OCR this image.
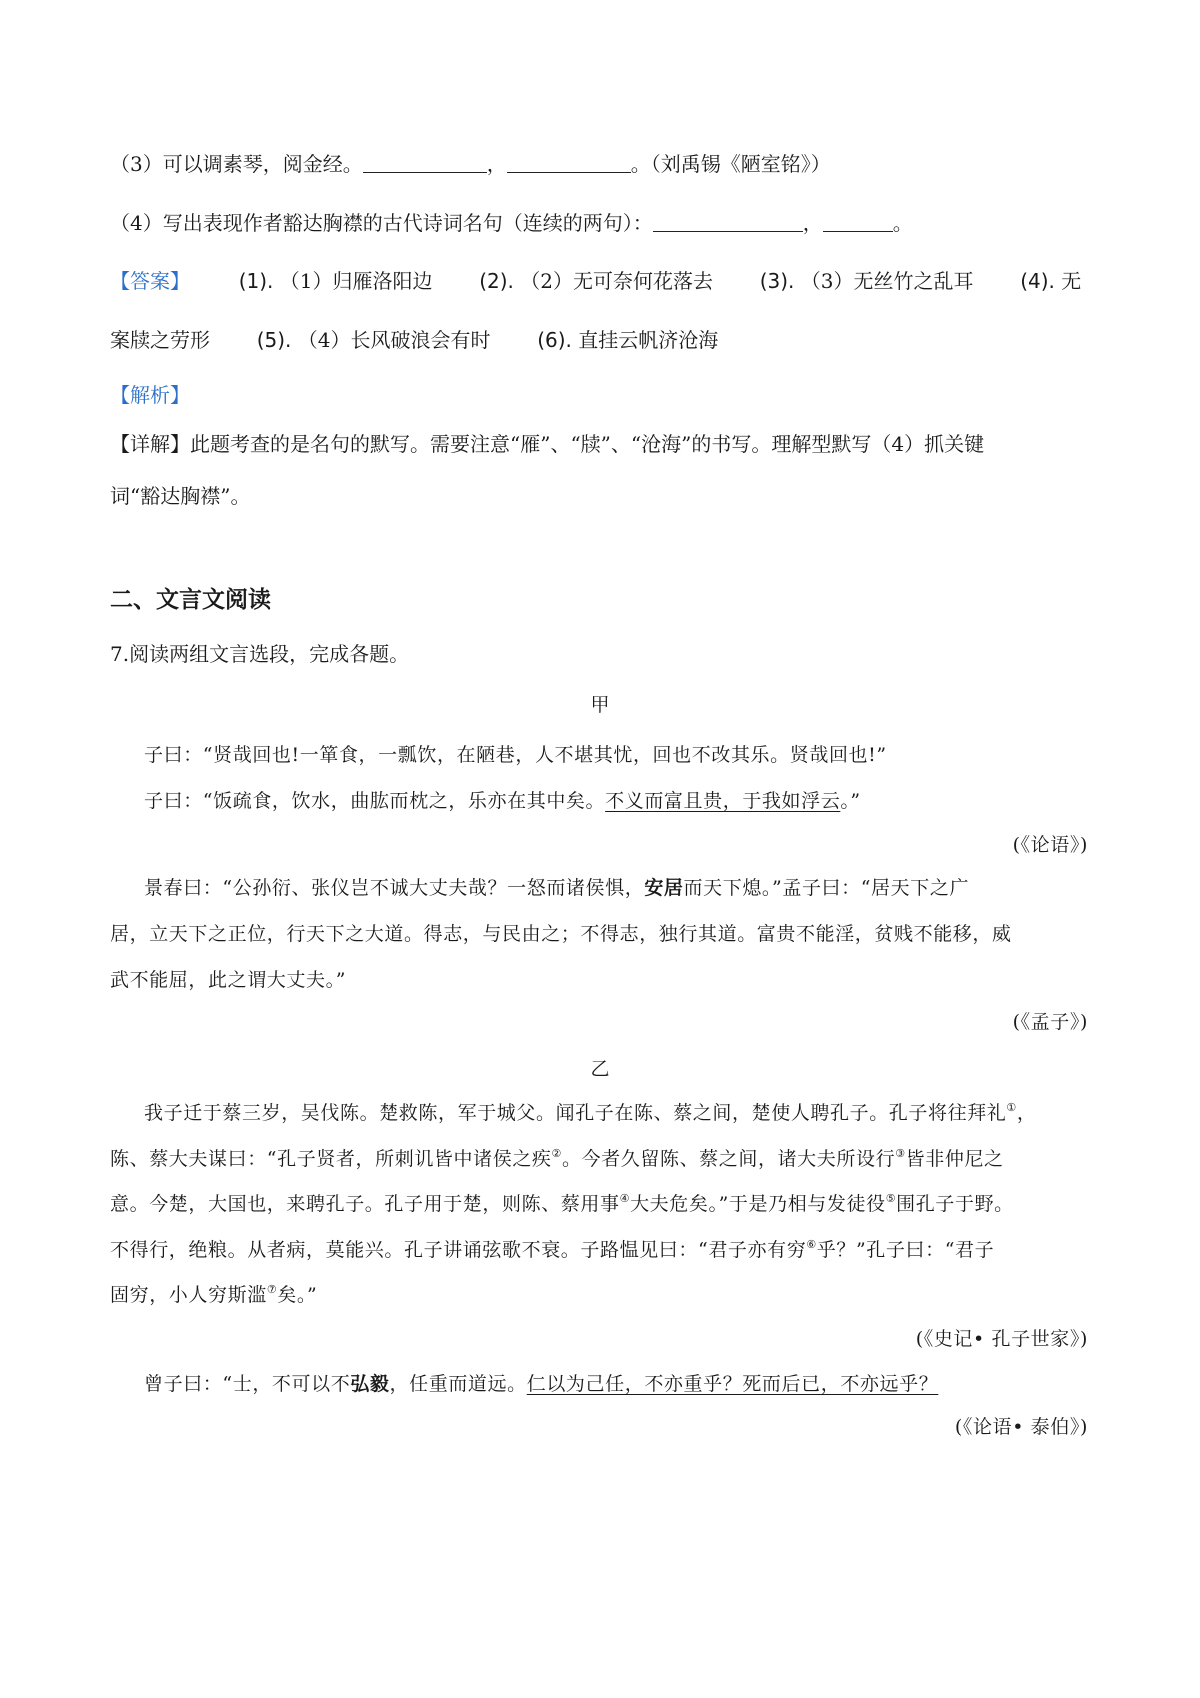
（3）可以调素琴，阅金经。	，	。（刘禹锡《陋室铭》）
（4）写出表现作者豁达胸襟的古代诗词名句（连续的两句）：	，	。
【答案】 (1). （1）归雁洛阳边 (2). （2）无可奈何花落去 (3). （3）无丝竹之乱耳 (4). 无
案牍之劳形 (5). （4）长风破浪会有时 (6). 直挂云帆济沧海
【解析】
【详解】此题考查的是名句的默写。需要注意“雁”、“牍”、“沧海”的书写。理解型默写（4）抓关键
词“豁达胸襟”。
二、文言文阅读
7.阅读两组文言选段，完成各题。
甲
子曰：“贤哉回也!一箪食，一瓢饮，在陋巷，人不堪其忧，回也不改其乐。贤哉回也!”
子曰：“饭疏食，饮水，曲肱而枕之，乐亦在其中矣。不义而富且贵，于我如浮云。”
(《论语》)
景春曰：“公孙衍、张仪岂不诚大丈夫哉？一怒而诸侯惧，安居而天下熄。”孟子曰：“居天下之广
居，立天下之正位，行天下之大道。得志，与民由之；不得志，独行其道。富贵不能淫，贫贱不能移，威
武不能屈，此之谓大丈夫。”
(《孟子》)
乙
我子迁于蔡三岁，吴伐陈。楚救陈，军于城父。闻孔子在陈、蔡之间，楚使人聘孔子。孔子将往拜礼①，
陈、蔡大夫谋曰：“孔子贤者，所刺讥皆中诸侯之疾②。今者久留陈、蔡之间，诸大夫所设行③皆非仲尼之
意。今楚，大国也，来聘孔子。孔子用于楚，则陈、蔡用事④大夫危矣。”于是乃相与发徒役⑤围孔子于野。
不得行，绝粮。从者病，莫能兴。孔子讲诵弦歌不衰。子路愠见曰：“君子亦有穷⑥乎？”孔子曰：“君子
固穷，小人穷斯滥⑦矣。”
(《史记• 孔子世家》)
曾子曰：“士，不可以不弘毅，任重而道远。仁以为己任，不亦重乎？死而后已，不亦远乎？
(《论语• 泰伯》)
